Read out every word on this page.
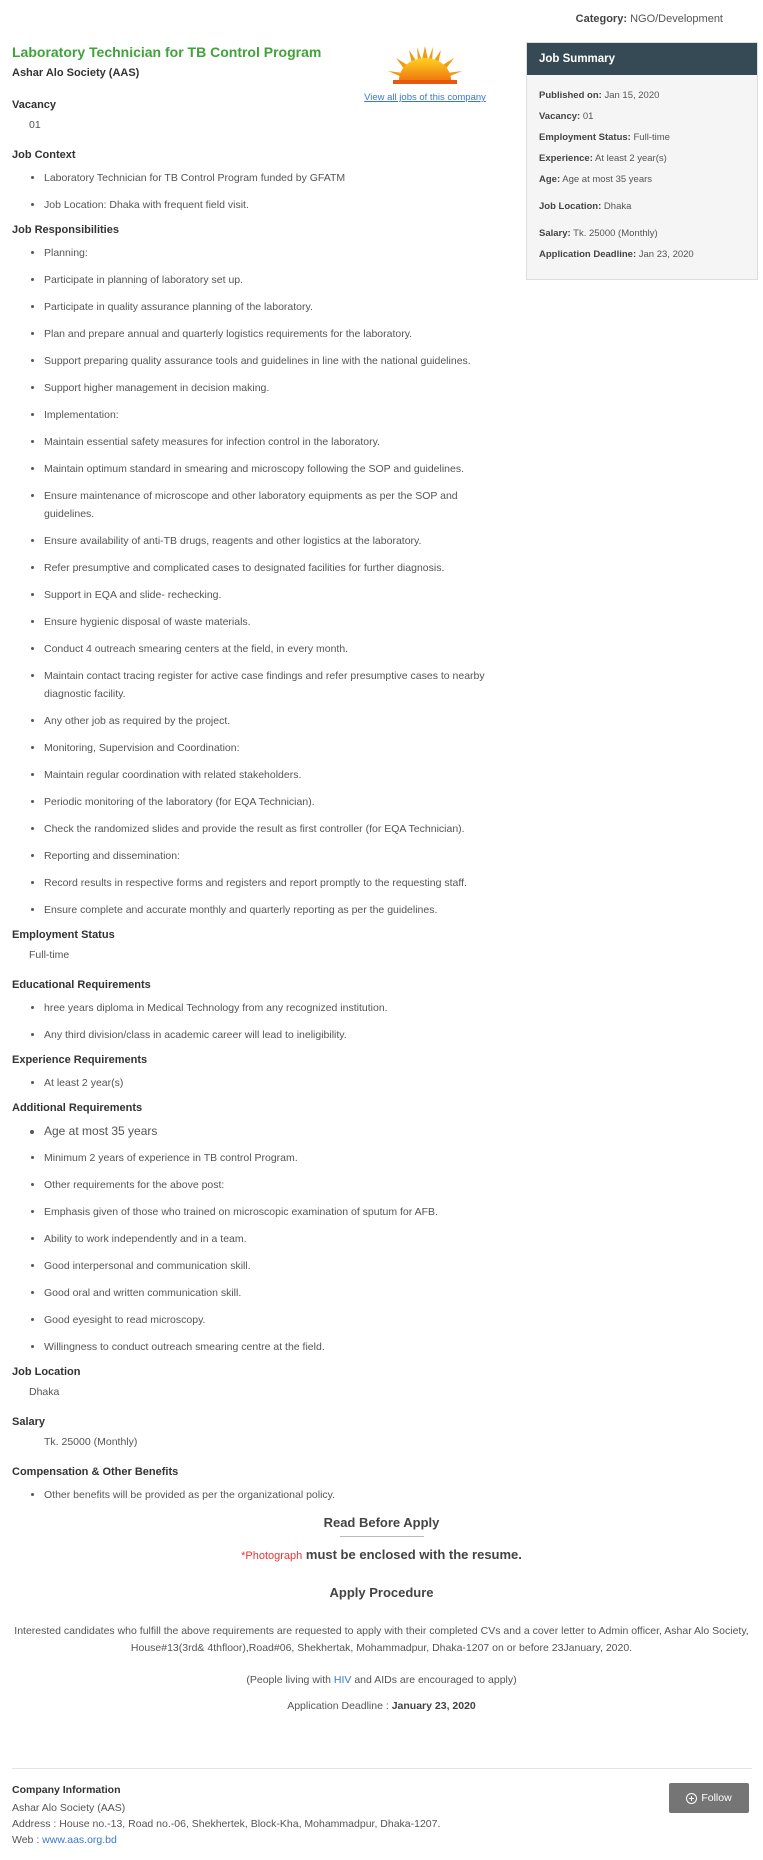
Category: NGO/Development
View all jobs of this company
Laboratory Technician for TB Control Program
Ashar Alo Society (AAS)
Vacancy
01
Job Context
• Laboratory Technician for TB Control Program funded by GFATM
• Job Location: Dhaka with frequent field visit.
Job Responsibilities
• Planning:
• Participate in planning of laboratory set up.
• Participate in quality assurance planning of the laboratory.
• Plan and prepare annual and quarterly logistics requirements for the laboratory.
• Support preparing quality assurance tools and guidelines in line with the national guidelines.
• Support higher management in decision making.
• Implementation:
• Maintain essential safety measures for infection control in the laboratory.
• Maintain optimum standard in smearing and microscopy following the SOP and guidelines.
• Ensure maintenance of microscope and other laboratory equipments as per the SOP and guidelines.
• Ensure availability of anti-TB drugs, reagents and other logistics at the laboratory.
• Refer presumptive and complicated cases to designated facilities for further diagnosis.
• Support in EQA and slide- rechecking.
• Ensure hygienic disposal of waste materials.
• Conduct 4 outreach smearing centers at the field, in every month.
• Maintain contact tracing register for active case findings and refer presumptive cases to nearby diagnostic facility.
• Any other job as required by the project.
• Monitoring, Supervision and Coordination:
• Maintain regular coordination with related stakeholders.
• Periodic monitoring of the laboratory (for EQA Technician).
• Check the randomized slides and provide the result as first controller (for EQA Technician).
• Reporting and dissemination:
• Record results in respective forms and registers and report promptly to the requesting staff.
• Ensure complete and accurate monthly and quarterly reporting as per the guidelines.
Employment Status
Full-time
Educational Requirements
• hree years diploma in Medical Technology from any recognized institution.
• Any third division/class in academic career will lead to ineligibility.
Experience Requirements
• At least 2 year(s)
Additional Requirements
• Age at most 35 years
• Minimum 2 years of experience in TB control Program.
• Other requirements for the above post:
• Emphasis given of those who trained on microscopic examination of sputum for AFB.
• Ability to work independently and in a team.
• Good interpersonal and communication skill.
• Good oral and written communication skill.
• Good eyesight to read microscopy.
• Willingness to conduct outreach smearing centre at the field.
Job Location
Dhaka
Salary
Tk. 25000 (Monthly)
Compensation & Other Benefits
• Other benefits will be provided as per the organizational policy.
Job Summary
Published on: Jan 15, 2020
Vacancy: 01
Employment Status: Full-time
Experience: At least 2 year(s)
Age: Age at most 35 years
Job Location: Dhaka
Salary: Tk. 25000 (Monthly)
Application Deadline: Jan 23, 2020
Read Before Apply
*Photograph must be enclosed with the resume.
Apply Procedure
Interested candidates who fulfill the above requirements are requested to apply with their completed CVs and a cover letter to Admin officer, Ashar Alo Society, House#13(3rd& 4thfloor),Road#06, Shekhertak, Mohammadpur, Dhaka-1207 on or before 23January, 2020.
(People living with HIV and AIDs are encouraged to apply)
Application Deadline : January 23, 2020
Company Information
Ashar Alo Society (AAS)
Address : House no.-13, Road no.-06, Shekhertek, Block-Kha, Mohammadpur, Dhaka-1207.
Web : www.aas.org.bd
Follow
